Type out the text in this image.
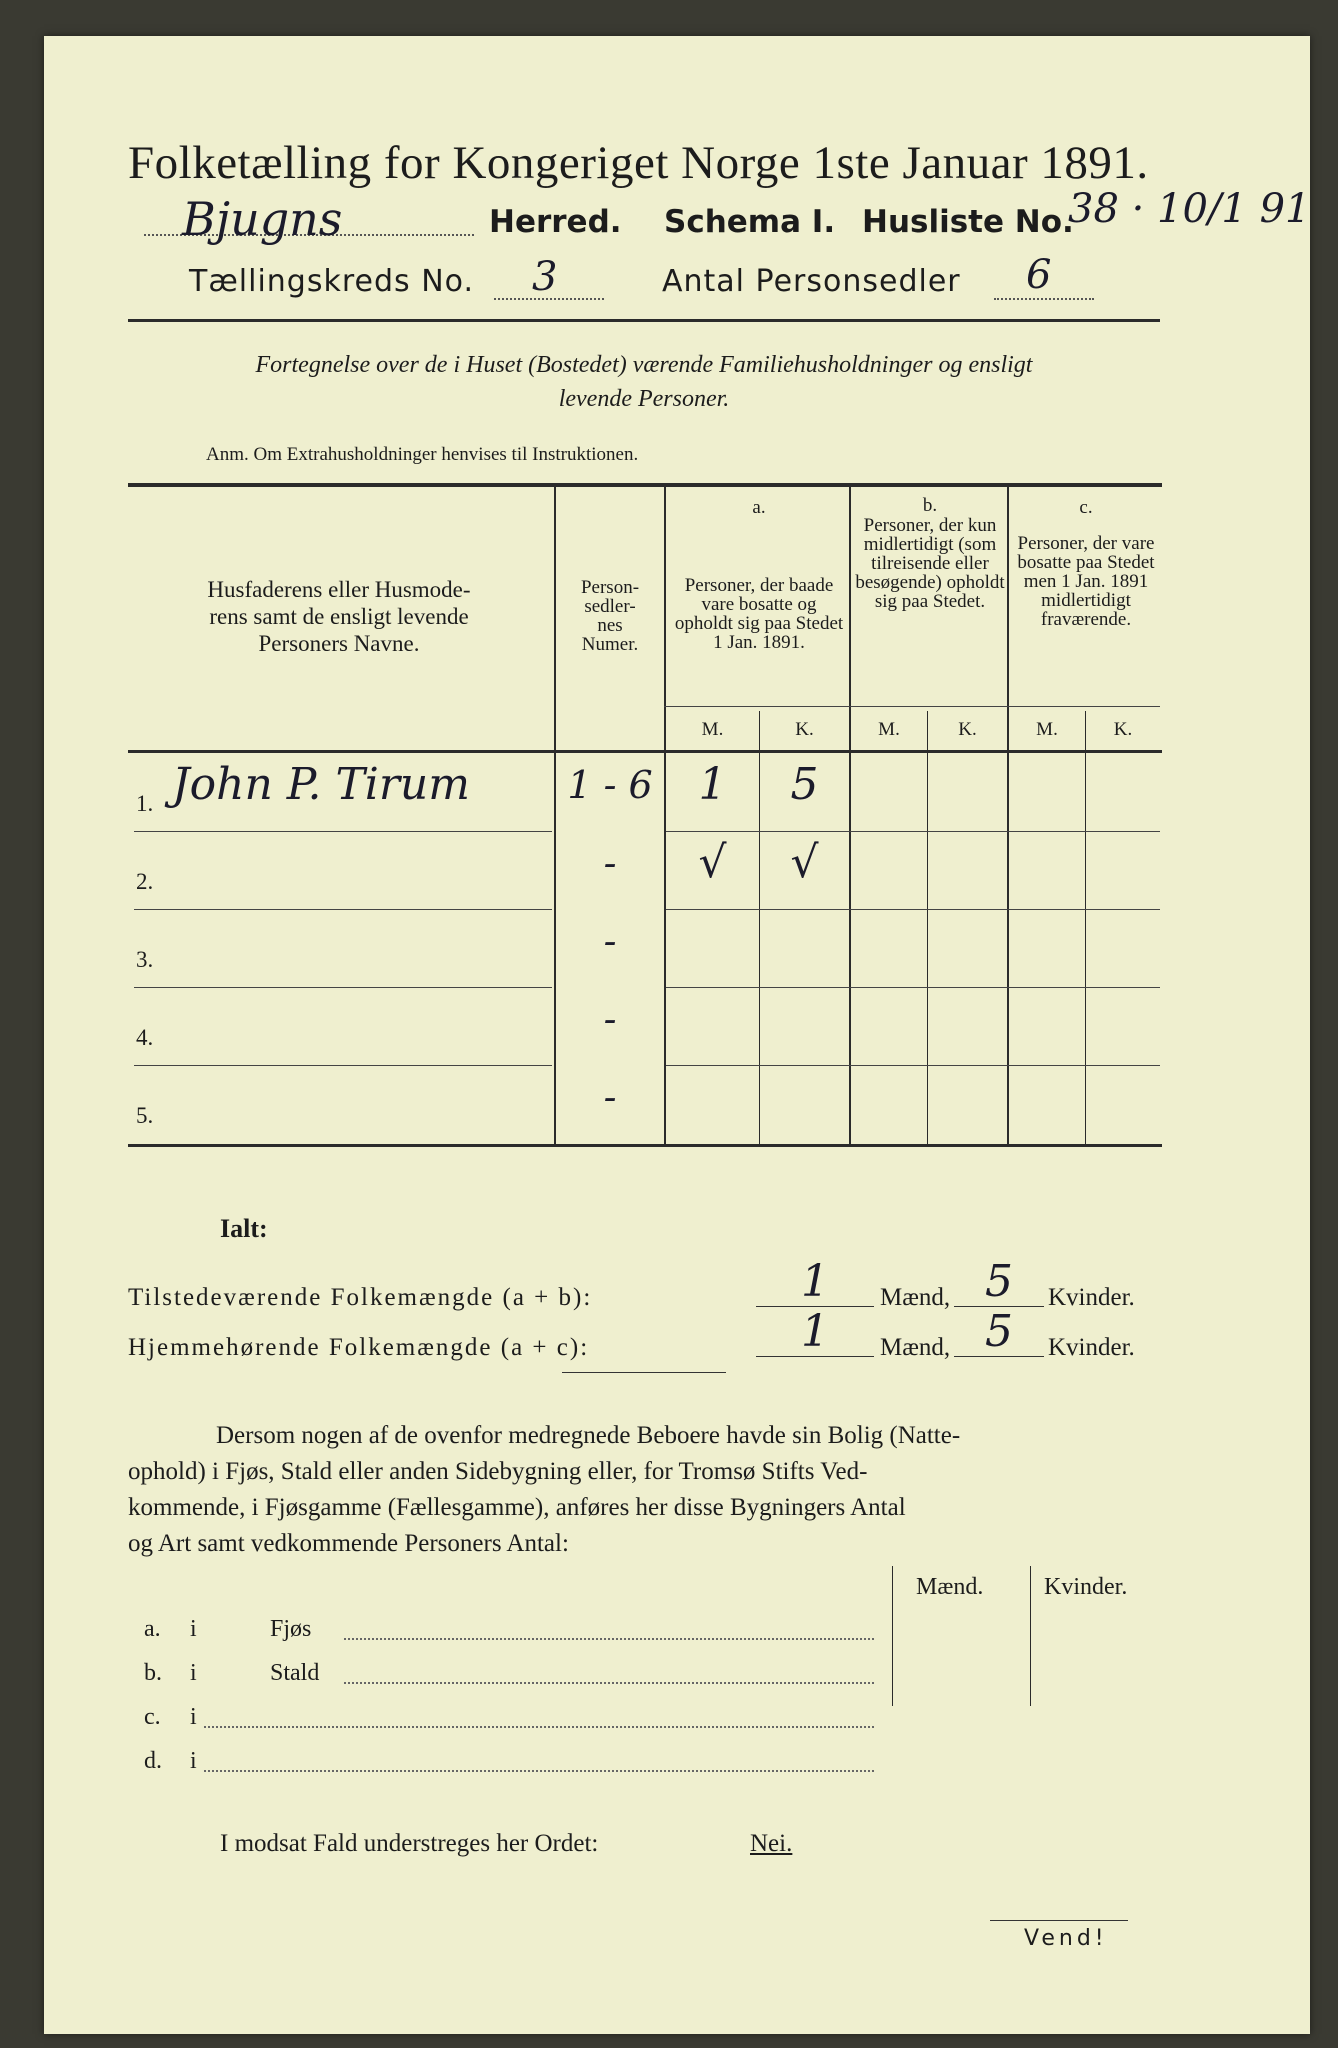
Folketælling for Kongeriget Norge 1ste Januar 1891.
Bjugns	Herred. Schema I. Husliste No.
38 · 10/1 91
Tællingskreds No. 3	Antal Personsedler 6
Fortegnelse over de i Huset (Bostedet) værende Familiehusholdninger og ensligt
levende Personer.
Anm. Om Extrahusholdninger henvises til Instruktionen.
Husfaderens eller Husmode-
rens samt de ensligt levende
Personers Navne.
Person-
sedler-
nes
Numer.
a.
Personer, der baade vare bosatte og opholdt sig paa Stedet 1 Jan. 1891.
b.
Personer, der kun midlertidigt (som tilreisende eller besøgende) opholdt sig paa Stedet.
c.
Personer, der vare bosatte paa Stedet men 1 Jan. 1891 midlertidigt fraværende.
M.	K.	M.	K.	M.	K.
1. John P. Tirum	1 - 6	1	5
2.	-	√	√
3.	-
4.	-
5.	-
Ialt:
Tilstedeværende Folkemængde (a + b):	1	Mænd, 5	Kvinder.
Hjemmehørende Folkemængde (a + c):	1	Mænd, 5	Kvinder.
Dersom nogen af de ovenfor medregnede Beboere havde sin Bolig (Natte-
ophold) i Fjøs, Stald eller anden Sidebygning eller, for Tromsø Stifts Ved-
kommende, i Fjøsgamme (Fællesgamme), anføres her disse Bygningers Antal
og Art samt vedkommende Personers Antal:
Mænd.	Kvinder.
a. i	Fjøs
b. i	Stald
c. i
d. i
I modsat Fald understreges her Ordet:	Nei.
Vend!
